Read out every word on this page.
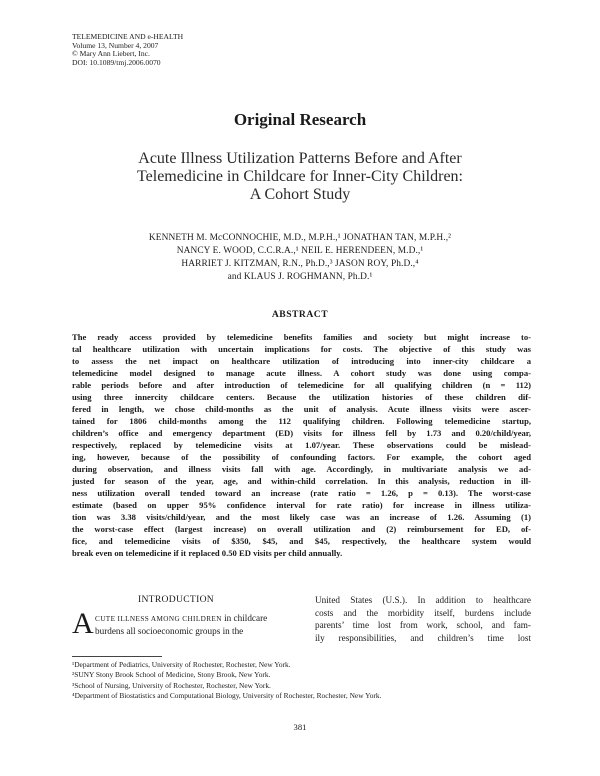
TELEMEDICINE AND e-HEALTH
Volume 13, Number 4, 2007
© Mary Ann Liebert, Inc.
DOI: 10.1089/tmj.2006.0070
Original Research
Acute Illness Utilization Patterns Before and After
Telemedicine in Childcare for Inner-City Children:
A Cohort Study
KENNETH M. McCONNOCHIE, M.D., M.P.H.,¹ JONATHAN TAN, M.P.H.,²
NANCY E. WOOD, C.C.R.A.,¹ NEIL E. HERENDEEN, M.D.,¹
HARRIET J. KITZMAN, R.N., Ph.D.,³ JASON ROY, Ph.D.,⁴
and KLAUS J. ROGHMANN, Ph.D.¹
ABSTRACT
The ready access provided by telemedicine benefits families and society but might increase to-
tal healthcare utilization with uncertain implications for costs. The objective of this study was
to assess the net impact on healthcare utilization of introducing into inner-city childcare a
telemedicine model designed to manage acute illness. A cohort study was done using compa-
rable periods before and after introduction of telemedicine for all qualifying children (n = 112)
using three innercity childcare centers. Because the utilization histories of these children dif-
fered in length, we chose child-months as the unit of analysis. Acute illness visits were ascer-
tained for 1806 child-months among the 112 qualifying children. Following telemedicine startup,
children’s office and emergency department (ED) visits for illness fell by 1.73 and 0.20/child/year,
respectively, replaced by telemedicine visits at 1.07/year. These observations could be mislead-
ing, however, because of the possibility of confounding factors. For example, the cohort aged
during observation, and illness visits fall with age. Accordingly, in multivariate analysis we ad-
justed for season of the year, age, and within-child correlation. In this analysis, reduction in ill-
ness utilization overall tended toward an increase (rate ratio = 1.26, p = 0.13). The worst-case
estimate (based on upper 95% confidence interval for rate ratio) for increase in illness utiliza-
tion was 3.38 visits/child/year, and the most likely case was an increase of 1.26. Assuming (1)
the worst-case effect (largest increase) on overall utilization and (2) reimbursement for ED, of-
fice, and telemedicine visits of $350, $45, and $45, respectively, the healthcare system would
break even on telemedicine if it replaced 0.50 ED visits per child annually.
INTRODUCTION
A CUTE ILLNESS AMONG CHILDREN in childcare
burdens all socioeconomic groups in the
United States (U.S.). In addition to healthcare
costs and the morbidity itself, burdens include
parents’ time lost from work, school, and fam-
ily responsibilities, and children’s time lost
¹Department of Pediatrics, University of Rochester, Rochester, New York.
²SUNY Stony Brook School of Medicine, Stony Brook, New York.
³School of Nursing, University of Rochester, Rochester, New York.
⁴Department of Biostatistics and Computational Biology, University of Rochester, Rochester, New York.
381
